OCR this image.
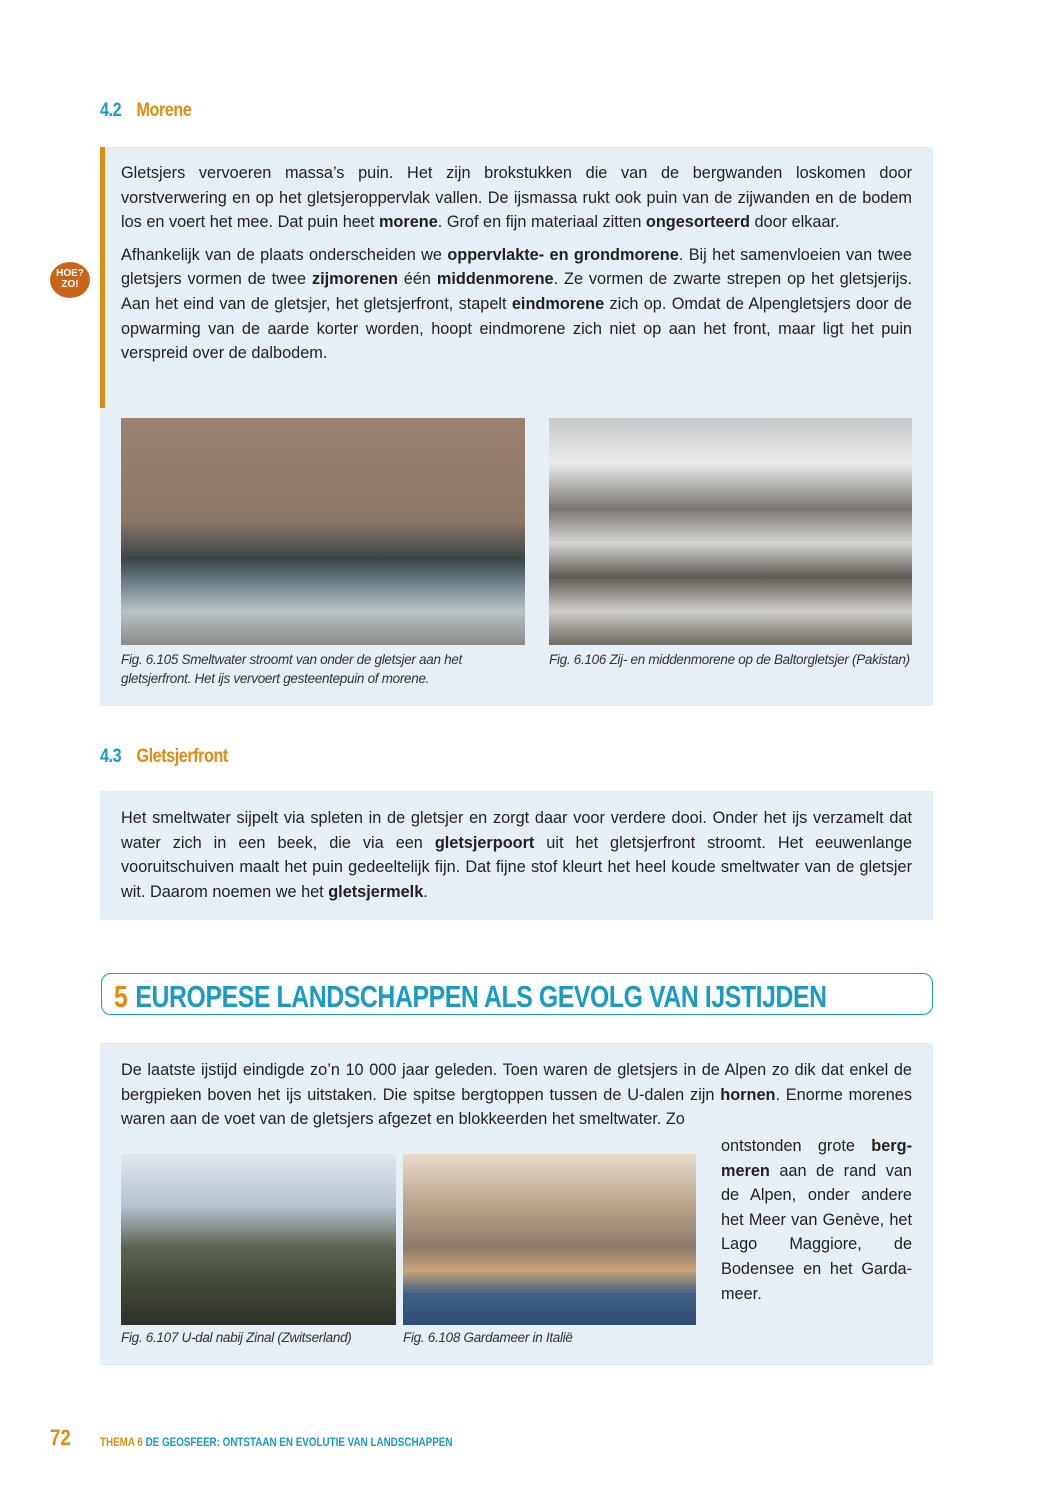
4.2 Morene
HOE?
ZO!

Gletsjers vervoeren massa’s puin. Het zijn brokstukken die van de bergwanden loskomen door vorstverwering en op het gletsjeroppervlak vallen. De ijsmassa rukt ook puin van de zijwanden en de bodem los en voert het mee. Dat puin heet morene. Grof en fijn materiaal zitten ongesorteerd door elkaar.

Afhankelijk van de plaats onderscheiden we oppervlakte- en grondmorene. Bij het samenvloeien van twee gletsjers vormen de twee zijmorenen één middenmorene. Ze vormen de zwarte strepen op het gletsjerijs. Aan het eind van de gletsjer, het gletsjerfront, stapelt eindmorene zich op. Omdat de Alpengletsjers door de opwarming van de aarde korter worden, hoopt eindmorene zich niet op aan het front, maar ligt het puin verspreid over de dalbodem.

Fig. 6.105 Smeltwater stroomt van onder de gletsjer aan het gletsjerfront. Het ijs vervoert gesteentepuin of morene.
Fig. 6.106 Zij- en middenmorene op de Baltorgletsjer (Pakistan)
4.3 Gletsjerfront

Het smeltwater sijpelt via spleten in de gletsjer en zorgt daar voor verdere dooi. Onder het ijs verzamelt dat water zich in een beek, die via een gletsjerpoort uit het gletsjerfront stroomt. Het eeuwenlange vooruitschuiven maalt het puin gedeeltelijk fijn. Dat fijne stof kleurt het heel koude smeltwater van de gletsjer wit. Daarom noemen we het gletsjermelk.

5 EUROPESE LANDSCHAPPEN ALS GEVOLG VAN IJSTIJDEN

De laatste ijstijd eindigde zo’n 10 000 jaar geleden. Toen waren de gletsjers in de Alpen zo dik dat enkel de bergpieken boven het ijs uitstaken. Die spitse bergtoppen tussen de U-dalen zijn hornen. Enorme morenes waren aan de voet van de gletsjers afgezet en blokkeerden het smeltwater. Zo

ontstonden grote berg-meren aan de rand van de Alpen, onder andere het Meer van Genève, het Lago Maggiore, de Bodensee en het Garda-meer.

Fig. 6.107 U-dal nabij Zinal (Zwitserland)	Fig. 6.108 Gardameer in Italië
72 THEMA 6 DE GEOSFEER: ONTSTAAN EN EVOLUTIE VAN LANDSCHAPPEN
